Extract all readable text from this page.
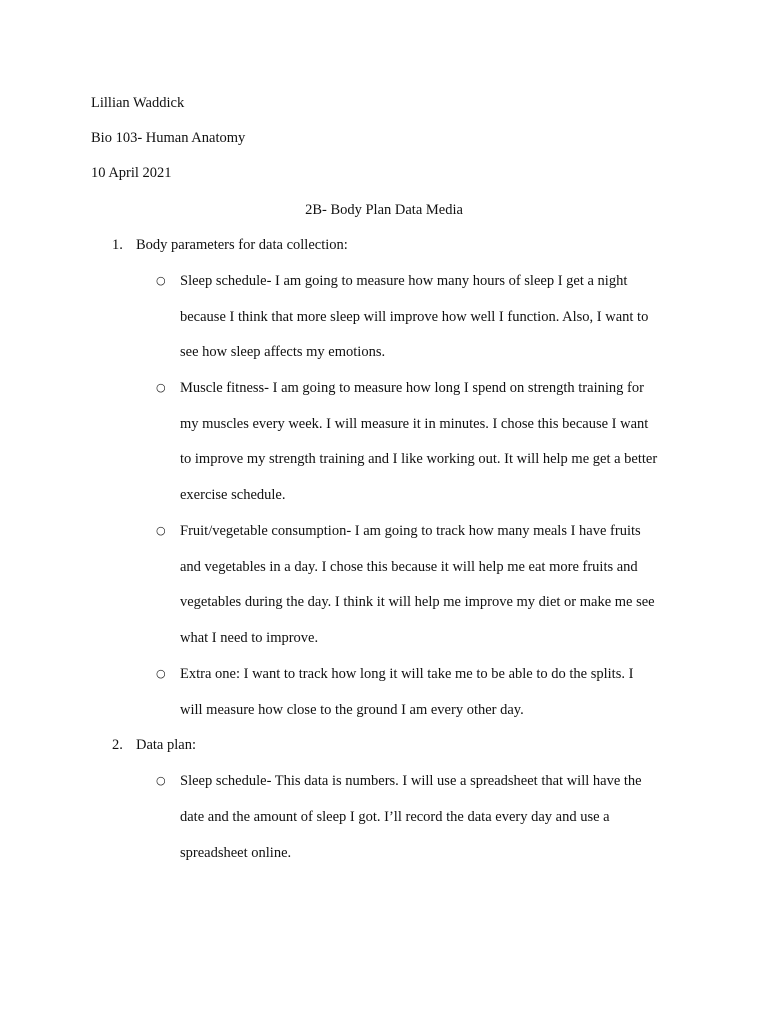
Lillian Waddick
Bio 103- Human Anatomy
10 April 2021
2B- Body Plan Data Media
1. Body parameters for data collection:
○ Sleep schedule- I am going to measure how many hours of sleep I get a night
because I think that more sleep will improve how well I function. Also, I want to
see how sleep affects my emotions.
○ Muscle fitness- I am going to measure how long I spend on strength training for
my muscles every week. I will measure it in minutes. I chose this because I want
to improve my strength training and I like working out. It will help me get a better
exercise schedule.
○ Fruit/vegetable consumption- I am going to track how many meals I have fruits
and vegetables in a day. I chose this because it will help me eat more fruits and
vegetables during the day. I think it will help me improve my diet or make me see
what I need to improve.
○ Extra one: I want to track how long it will take me to be able to do the splits. I
will measure how close to the ground I am every other day.
2. Data plan:
○ Sleep schedule- This data is numbers. I will use a spreadsheet that will have the
date and the amount of sleep I got. I’ll record the data every day and use a
spreadsheet online.
